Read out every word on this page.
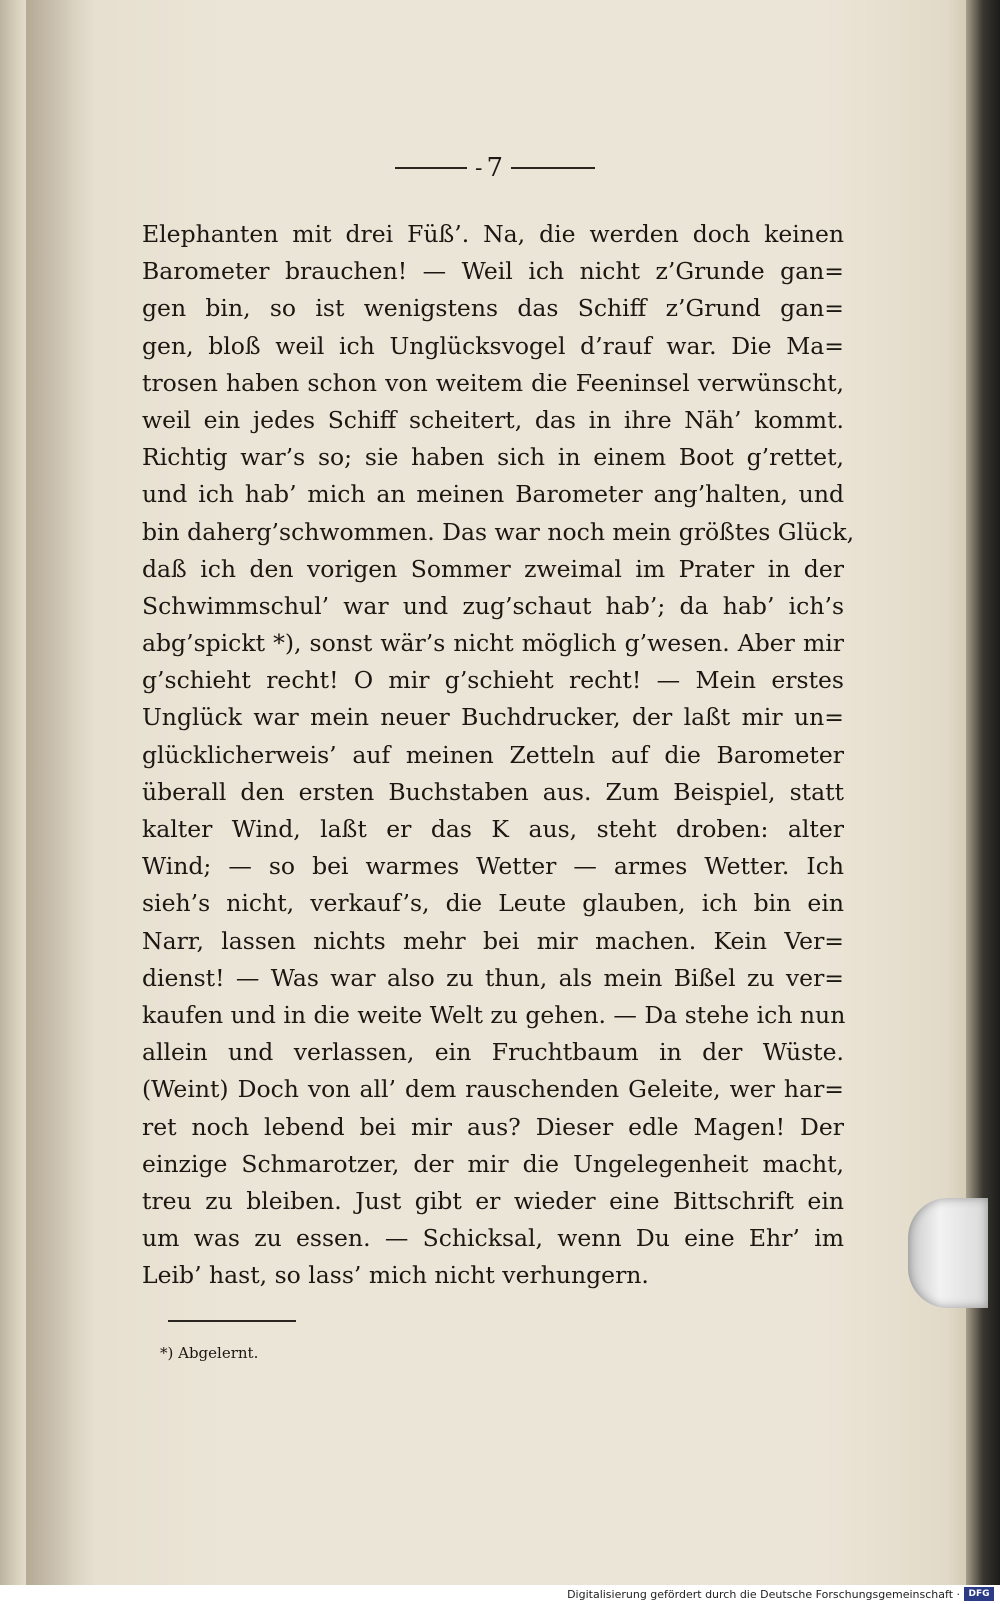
- 7
Elephanten mit drei Füß’. Na, die werden doch keinen
Barometer brauchen! — Weil ich nicht z’Grunde gan=
gen bin, so ist wenigstens das Schiff z’Grund gan=
gen, bloß weil ich Unglücksvogel d’rauf war. Die Ma=
trosen haben schon von weitem die Feeninsel verwünscht,
weil ein jedes Schiff scheitert, das in ihre Näh’ kommt.
Richtig war’s so; sie haben sich in einem Boot g’rettet,
und ich hab’ mich an meinen Barometer ang’halten, und
bin daherg’schwommen. Das war noch mein größtes Glück,
daß ich den vorigen Sommer zweimal im Prater in der
Schwimmschul’ war und zug’schaut hab’; da hab’ ich’s
abg’spickt *), sonst wär’s nicht möglich g’wesen. Aber mir
g’schieht recht! O mir g’schieht recht! — Mein erstes
Unglück war mein neuer Buchdrucker, der laßt mir un=
glücklicherweis’ auf meinen Zetteln auf die Barometer
überall den ersten Buchstaben aus. Zum Beispiel, statt
kalter Wind, laßt er das K aus, steht droben: alter
Wind; — so bei warmes Wetter — armes Wetter. Ich
sieh’s nicht, verkauf’s, die Leute glauben, ich bin ein
Narr, lassen nichts mehr bei mir machen. Kein Ver=
dienst! — Was war also zu thun, als mein Bißel zu ver=
kaufen und in die weite Welt zu gehen. — Da stehe ich nun
allein und verlassen, ein Fruchtbaum in der Wüste.
(Weint) Doch von all’ dem rauschenden Geleite, wer har=
ret noch lebend bei mir aus? Dieser edle Magen! Der
einzige Schmarotzer, der mir die Ungelegenheit macht,
treu zu bleiben. Just gibt er wieder eine Bittschrift ein
um was zu essen. — Schicksal, wenn Du eine Ehr’ im
Leib’ hast, so lass’ mich nicht verhungern.
*) Abgelernt.
Digitalisierung gefördert durch die Deutsche Forschungsgemeinschaft · DFG
